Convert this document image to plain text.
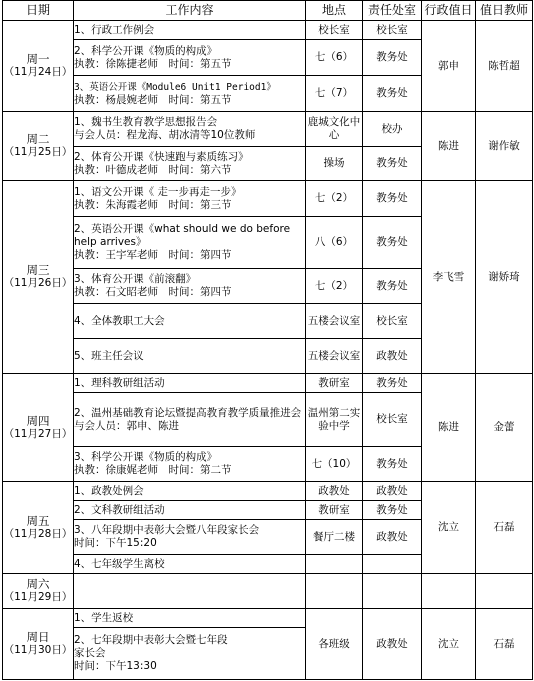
日期	工作内容	地点	责任处室	行政值日	值日教师

周一
（11月24日）	1、行政工作例会	校长室	校长室	郭申	陈哲超

	2、科学公开课《物质的构成》
执教：徐陈捷老师　时间：第五节	七（6）	教务处		

	3、英语公开课《Module6 Unit1 Period1》
执教：杨晨婉老师　时间：第五节	七（7）	教务处		

周二
（11月25日）	1、魏书生教育教学思想报告会
与会人员：程龙海、胡冰清等10位教师	鹿城文化中心	校办	陈进	谢作敏

	2、体育公开课《快速跑与素质练习》
执教：叶德成老师　时间：第六节	操场	教务处		

周三
（11月26日）	1、语文公开课《 走一步再走一步》
执教：朱海霞老师　时间：第三节	七（2）	教务处	李飞雪	谢娇琦

	2、英语公开课《what should we do before help arrives》
执教：王宇军老师　时间：第四节	八（6）	教务处		

	3、体育公开课《前滚翻》
执教：石文昭老师　时间：第四节	七（2）	教务处		

	4、全体教职工大会	五楼会议室	校长室		

	5、班主任会议	五楼会议室	政教处		

周四
（11月27日）	1、理科教研组活动	教研室	教务处	陈进	金蕾

	2、温州基础教育论坛暨提高教育教学质量推进会
与会人员：郭申、陈进	温州第二实验中学	校长室		

	3、科学公开课《物质的构成》
执教：徐康娓老师　时间：第二节	七（10）	教务处		

周五
（11月28日）	1、政教处例会	政教处	政教处	沈立	石磊

	2、文科教研组活动	教研室	教务处		

	3、八年段期中表彰大会暨八年段家长会
时间：下午15:20	餐厅二楼	政教处		

	4、七年级学生离校				

周六
（11月29日）					

周日
（11月30日）	1、学生返校	各班级	政教处	沈立	石磊

	2、七年段期中表彰大会暨七年段
家长会
时间：下午13:30				
